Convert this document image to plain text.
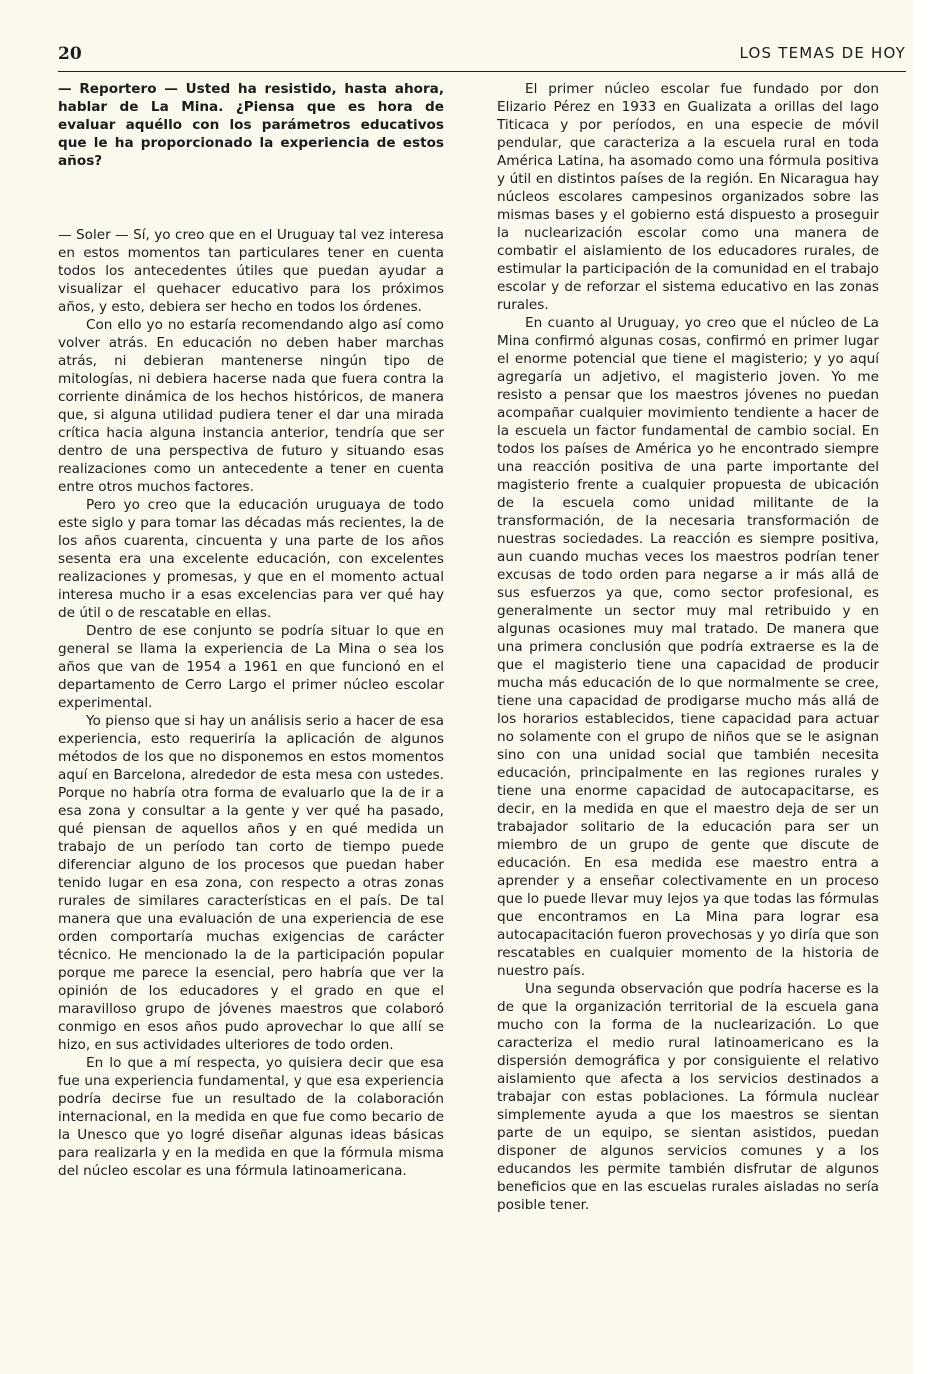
20	LOS TEMAS DE HOY

— Reportero — Usted ha resistido, hasta ahora, hablar de La Mina. ¿Piensa que es hora de evaluar aquéllo con los parámetros educativos que le ha proporcionado la experiencia de estos años?

— Soler — Sí, yo creo que en el Uruguay tal vez interesa en estos momentos tan particulares tener en cuenta todos los antecedentes útiles que puedan ayudar a visualizar el quehacer educativo para los próximos años, y esto, debiera ser hecho en todos los órdenes.

Con ello yo no estaría recomendando algo así como volver atrás. En educación no deben haber marchas atrás, ni debieran mantenerse ningún tipo de mitologías, ni debiera hacerse nada que fuera contra la corriente dinámica de los hechos históricos, de manera que, si alguna utilidad pudiera tener el dar una mirada crítica hacia alguna instancia anterior, tendría que ser dentro de una perspectiva de futuro y situando esas realizaciones como un antecedente a tener en cuenta entre otros muchos factores.

Pero yo creo que la educación uruguaya de todo este siglo y para tomar las décadas más recientes, la de los años cuarenta, cincuenta y una parte de los años sesenta era una excelente educación, con excelentes realizaciones y promesas, y que en el momento actual interesa mucho ir a esas excelencias para ver qué hay de útil o de rescatable en ellas.

Dentro de ese conjunto se podría situar lo que en general se llama la experiencia de La Mina o sea los años que van de 1954 a 1961 en que funcionó en el departamento de Cerro Largo el primer núcleo escolar experimental.

Yo pienso que si hay un análisis serio a hacer de esa experiencia, esto requeriría la aplicación de algunos métodos de los que no disponemos en estos momentos aquí en Barcelona, alrededor de esta mesa con ustedes. Porque no habría otra forma de evaluarlo que la de ir a esa zona y consultar a la gente y ver qué ha pasado, qué piensan de aquellos años y en qué medida un trabajo de un período tan corto de tiempo puede diferenciar alguno de los procesos que puedan haber tenido lugar en esa zona, con respecto a otras zonas rurales de similares características en el país. De tal manera que una evaluación de una experiencia de ese orden comportaría muchas exigencias de carácter técnico. He mencionado la de la participación popular porque me parece la esencial, pero habría que ver la opinión de los educadores y el grado en que el maravilloso grupo de jóvenes maestros que colaboró conmigo en esos años pudo aprovechar lo que allí se hizo, en sus actividades ulteriores de todo orden.

En lo que a mí respecta, yo quisiera decir que esa fue una experiencia fundamental, y que esa experiencia podría decirse fue un resultado de la colaboración internacional, en la medida en que fue como becario de la Unesco que yo logré diseñar algunas ideas básicas para realizarla y en la medida en que la fórmula misma del núcleo escolar es una fórmula latinoamericana.

El primer núcleo escolar fue fundado por don Elizario Pérez en 1933 en Gualizata a orillas del lago Titicaca y por períodos, en una especie de móvil pendular, que caracteriza a la escuela rural en toda América Latina, ha asomado como una fórmula positiva y útil en distintos países de la región. En Nicaragua hay núcleos escolares campesinos organizados sobre las mismas bases y el gobierno está dispuesto a proseguir la nuclearización escolar como una manera de combatir el aislamiento de los educadores rurales, de estimular la participación de la comunidad en el trabajo escolar y de reforzar el sistema educativo en las zonas rurales.

En cuanto al Uruguay, yo creo que el núcleo de La Mina confirmó algunas cosas, confirmó en primer lugar el enorme potencial que tiene el magisterio; y yo aquí agregaría un adjetivo, el magisterio joven. Yo me resisto a pensar que los maestros jóvenes no puedan acompañar cualquier movimiento tendiente a hacer de la escuela un factor fundamental de cambio social. En todos los países de América yo he encontrado siempre una reacción positiva de una parte importante del magisterio frente a cualquier propuesta de ubicación de la escuela como unidad militante de la transformación, de la necesaria transformación de nuestras sociedades. La reacción es siempre positiva, aun cuando muchas veces los maestros podrían tener excusas de todo orden para negarse a ir más allá de sus esfuerzos ya que, como sector profesional, es generalmente un sector muy mal retribuido y en algunas ocasiones muy mal tratado. De manera que una primera conclusión que podría extraerse es la de que el magisterio tiene una capacidad de producir mucha más educación de lo que normalmente se cree, tiene una capacidad de prodigarse mucho más allá de los horarios establecidos, tiene capacidad para actuar no solamente con el grupo de niños que se le asignan sino con una unidad social que también necesita educación, principalmente en las regiones rurales y tiene una enorme capacidad de autocapacitarse, es decir, en la medida en que el maestro deja de ser un trabajador solitario de la educación para ser un miembro de un grupo de gente que discute de educación. En esa medida ese maestro entra a aprender y a enseñar colectivamente en un proceso que lo puede llevar muy lejos ya que todas las fórmulas que encontramos en La Mina para lograr esa autocapacitación fueron provechosas y yo diría que son rescatables en cualquier momento de la historia de nuestro país.

Una segunda observación que podría hacerse es la de que la organización territorial de la escuela gana mucho con la forma de la nuclearización. Lo que caracteriza el medio rural latinoamericano es la dispersión demográfica y por consiguiente el relativo aislamiento que afecta a los servicios destinados a trabajar con estas poblaciones. La fórmula nuclear simplemente ayuda a que los maestros se sientan parte de un equipo, se sientan asistidos, puedan disponer de algunos servicios comunes y a los educandos les permite también disfrutar de algunos beneficios que en las escuelas rurales aisladas no sería posible tener.
